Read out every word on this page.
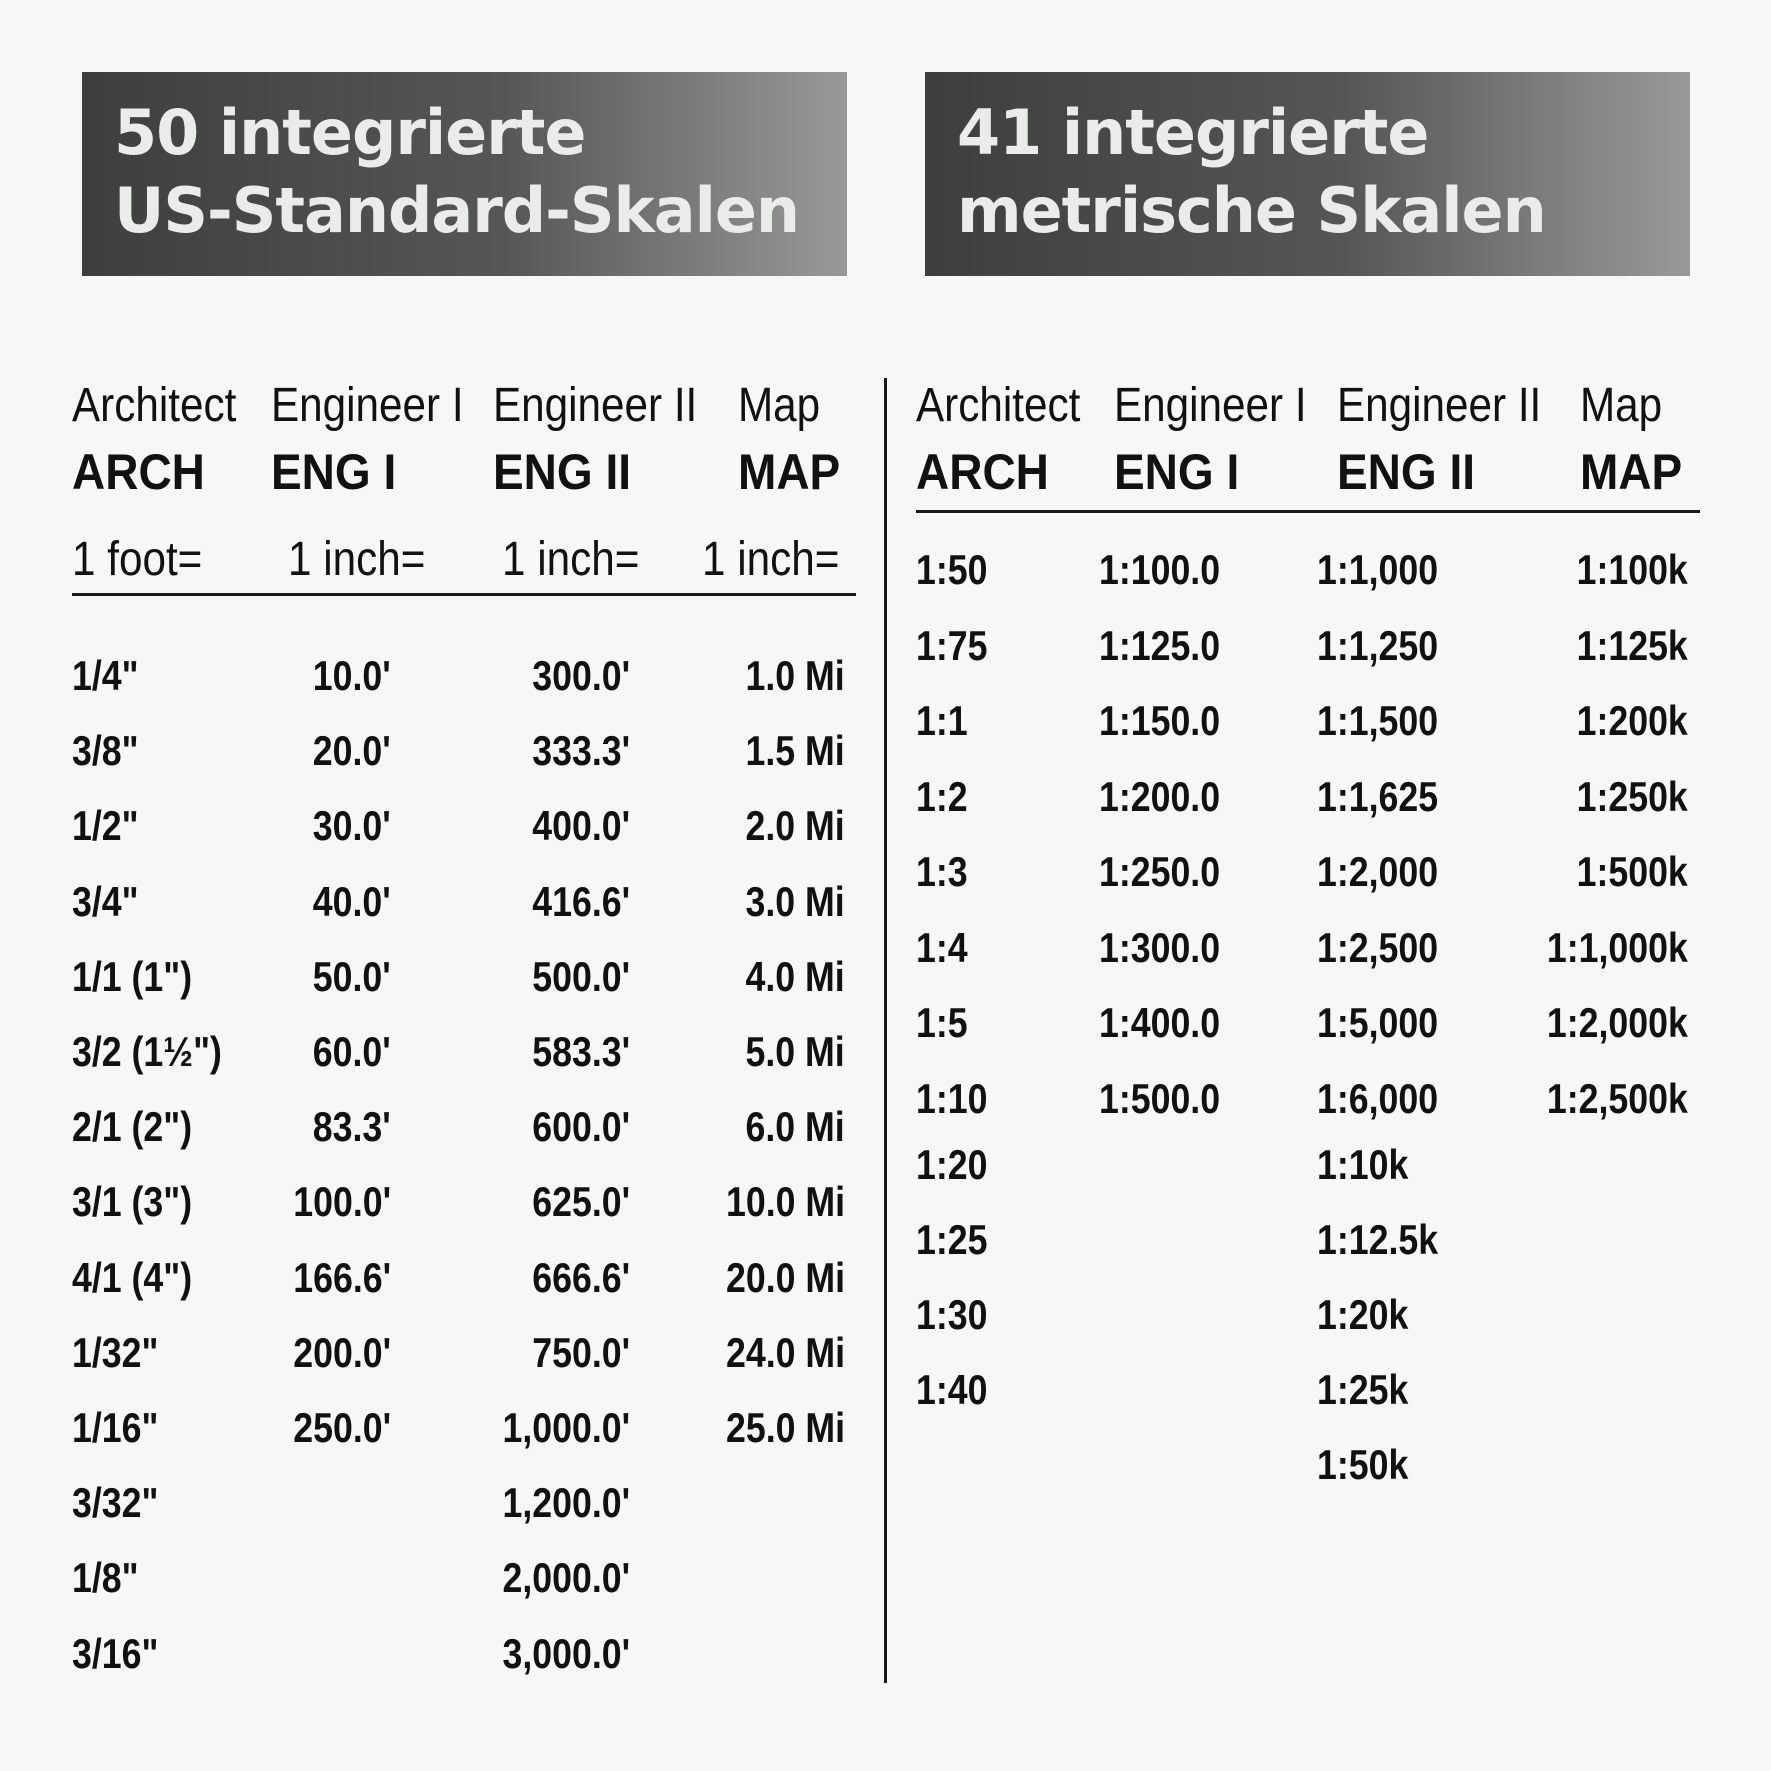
50 integrierte
US-Standard-Skalen
41 integrierte
metrische Skalen
Architect
ARCH
1 foot=
Engineer I
ENG I
1 inch=
Engineer II
ENG II
1 inch=
Map
MAP
1 inch=
1/4"
3/8"
1/2"
3/4"
1/1 (1")
3/2 (1½")
2/1 (2")
3/1 (3")
4/1 (4")
1/32"
1/16"
3/32"
1/8"
3/16"
10.0'
20.0'
30.0'
40.0'
50.0'
60.0'
83.3'
100.0'
166.6'
200.0'
250.0'
300.0'
333.3'
400.0'
416.6'
500.0'
583.3'
600.0'
625.0'
666.6'
750.0'
1,000.0'
1,200.0'
2,000.0'
3,000.0'
1.0 Mi
1.5 Mi
2.0 Mi
3.0 Mi
4.0 Mi
5.0 Mi
6.0 Mi
10.0 Mi
20.0 Mi
24.0 Mi
25.0 Mi
Architect
ARCH
Engineer I
ENG I
Engineer II
ENG II
Map
MAP
1:50
1:75
1:1
1:2
1:3
1:4
1:5
1:10
1:20
1:25
1:30
1:40
1:100.0
1:125.0
1:150.0
1:200.0
1:250.0
1:300.0
1:400.0
1:500.0
1:1,000
1:1,250
1:1,500
1:1,625
1:2,000
1:2,500
1:5,000
1:6,000
1:10k
1:12.5k
1:20k
1:25k
1:50k
1:100k
1:125k
1:200k
1:250k
1:500k
1:1,000k
1:2,000k
1:2,500k
